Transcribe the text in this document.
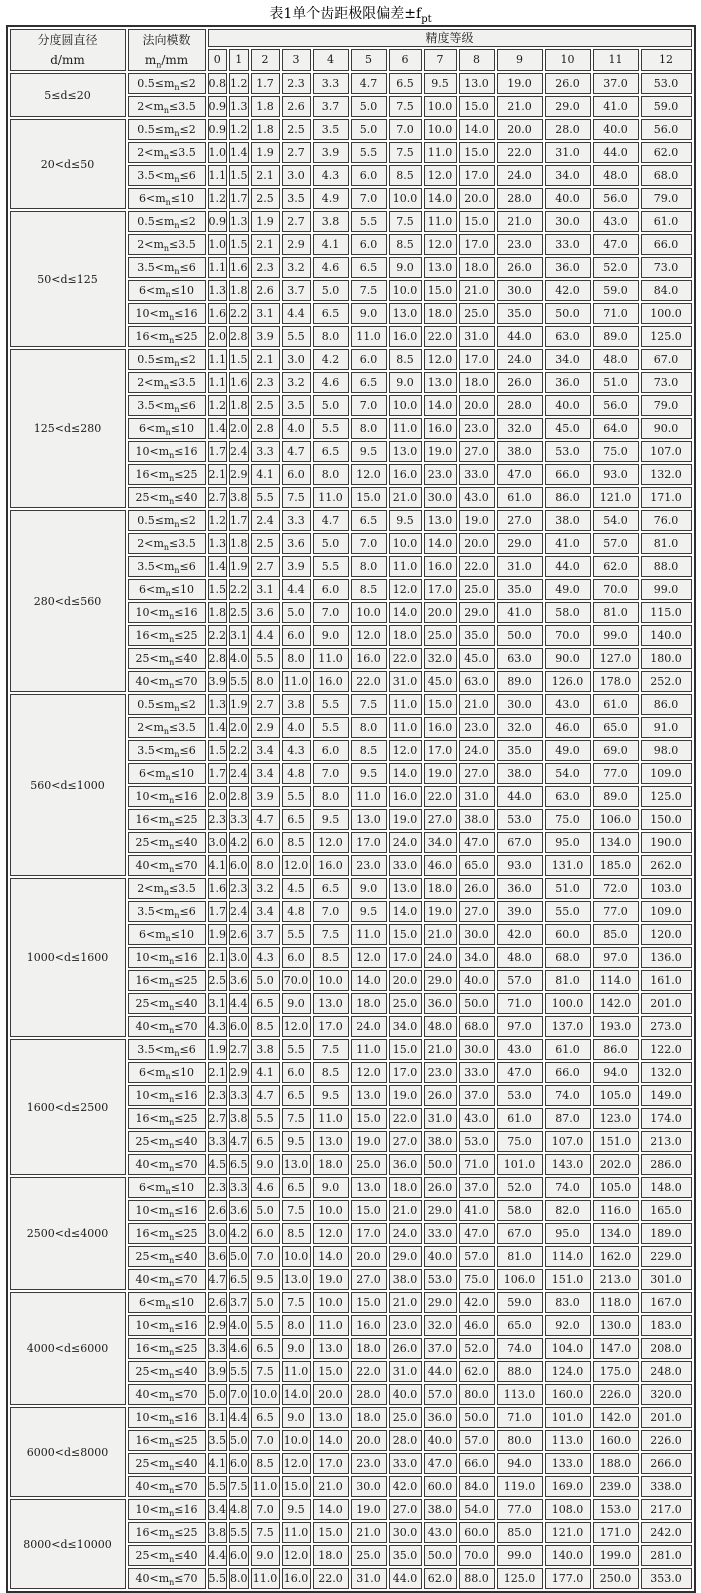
表1单个齿距极限偏差$\pm f_{pt}$
分度圆直径
d/mm

法向模数
$m_n/mm$
	精度等级
		0	1	2	3	4	5	6	7	8	9	10	11	12
5≤d≤20	$0.5\le m_n\le 2$	0.8	1.2	1.7	2.3	3.3	4.7	6.5	9.5	13.0	19.0	26.0	37.0	53.0
	$2<m_n\le 3.5$	0.9	1.3	1.8	2.6	3.7	5.0	7.5	10.0	15.0	21.0	29.0	41.0	59.0
20<d≤50	$0.5\le m_n\le 2$	0.9	1.2	1.8	2.5	3.5	5.0	7.0	10.0	14.0	20.0	28.0	40.0	56.0
	$2<m_n\le 3.5$	1.0	1.4	1.9	2.7	3.9	5.5	7.5	11.0	15.0	22.0	31.0	44.0	62.0
	$3.5<m_n\le 6$	1.1	1.5	2.1	3.0	4.3	6.0	8.5	12.0	17.0	24.0	34.0	48.0	68.0
	$6<m_n\le 10$	1.2	1.7	2.5	3.5	4.9	7.0	10.0	14.0	20.0	28.0	40.0	56.0	79.0
50<d≤125	$0.5\le m_n\le 2$	0.9	1.3	1.9	2.7	3.8	5.5	7.5	11.0	15.0	21.0	30.0	43.0	61.0
	$2<m_n\le 3.5$	1.0	1.5	2.1	2.9	4.1	6.0	8.5	12.0	17.0	23.0	33.0	47.0	66.0
	$3.5<m_n\le 6$	1.1	1.6	2.3	3.2	4.6	6.5	9.0	13.0	18.0	26.0	36.0	52.0	73.0
	$6<m_n\le 10$	1.3	1.8	2.6	3.7	5.0	7.5	10.0	15.0	21.0	30.0	42.0	59.0	84.0
	$10<m_n\le 16$	1.6	2.2	3.1	4.4	6.5	9.0	13.0	18.0	25.0	35.0	50.0	71.0	100.0
	$16<m_n\le 25$	2.0	2.8	3.9	5.5	8.0	11.0	16.0	22.0	31.0	44.0	63.0	89.0	125.0
125<d≤280	$0.5\le m_n\le 2$	1.1	1.5	2.1	3.0	4.2	6.0	8.5	12.0	17.0	24.0	34.0	48.0	67.0
	$2<m_n\le 3.5$	1.1	1.6	2.3	3.2	4.6	6.5	9.0	13.0	18.0	26.0	36.0	51.0	73.0
	$3.5<m_n\le 6$	1.2	1.8	2.5	3.5	5.0	7.0	10.0	14.0	20.0	28.0	40.0	56.0	79.0
	$6<m_n\le 10$	1.4	2.0	2.8	4.0	5.5	8.0	11.0	16.0	23.0	32.0	45.0	64.0	90.0
	$10<m_n\le 16$	1.7	2.4	3.3	4.7	6.5	9.5	13.0	19.0	27.0	38.0	53.0	75.0	107.0
	$16<m_n\le 25$	2.1	2.9	4.1	6.0	8.0	12.0	16.0	23.0	33.0	47.0	66.0	93.0	132.0
	$25<m_n\le 40$	2.7	3.8	5.5	7.5	11.0	15.0	21.0	30.0	43.0	61.0	86.0	121.0	171.0
280<d≤560	$0.5\le m_n\le 2$	1.2	1.7	2.4	3.3	4.7	6.5	9.5	13.0	19.0	27.0	38.0	54.0	76.0
	$2<m_n\le 3.5$	1.3	1.8	2.5	3.6	5.0	7.0	10.0	14.0	20.0	29.0	41.0	57.0	81.0
	$3.5<m_n\le 6$	1.4	1.9	2.7	3.9	5.5	8.0	11.0	16.0	22.0	31.0	44.0	62.0	88.0
	$6<m_n\le 10$	1.5	2.2	3.1	4.4	6.0	8.5	12.0	17.0	25.0	35.0	49.0	70.0	99.0
	$10<m_n\le 16$	1.8	2.5	3.6	5.0	7.0	10.0	14.0	20.0	29.0	41.0	58.0	81.0	115.0
	$16<m_n\le 25$	2.2	3.1	4.4	6.0	9.0	12.0	18.0	25.0	35.0	50.0	70.0	99.0	140.0
	$25<m_n\le 40$	2.8	4.0	5.5	8.0	11.0	16.0	22.0	32.0	45.0	63.0	90.0	127.0	180.0
	$40<m_n\le 70$	3.9	5.5	8.0	11.0	16.0	22.0	31.0	45.0	63.0	89.0	126.0	178.0	252.0
560<d≤1000	$0.5\le m_n\le 2$	1.3	1.9	2.7	3.8	5.5	7.5	11.0	15.0	21.0	30.0	43.0	61.0	86.0
	$2<m_n\le 3.5$	1.4	2.0	2.9	4.0	5.5	8.0	11.0	16.0	23.0	32.0	46.0	65.0	91.0
	$3.5<m_n\le 6$	1.5	2.2	3.4	4.3	6.0	8.5	12.0	17.0	24.0	35.0	49.0	69.0	98.0
	$6<m_n\le 10$	1.7	2.4	3.4	4.8	7.0	9.5	14.0	19.0	27.0	38.0	54.0	77.0	109.0
	$10<m_n\le 16$	2.0	2.8	3.9	5.5	8.0	11.0	16.0	22.0	31.0	44.0	63.0	89.0	125.0
	$16<m_n\le 25$	2.3	3.3	4.7	6.5	9.5	13.0	19.0	27.0	38.0	53.0	75.0	106.0	150.0
	$25<m_n\le 40$	3.0	4.2	6.0	8.5	12.0	17.0	24.0	34.0	47.0	67.0	95.0	134.0	190.0
	$40<m_n\le 70$	4.1	6.0	8.0	12.0	16.0	23.0	33.0	46.0	65.0	93.0	131.0	185.0	262.0
1000<d≤1600	$2<m_n\le 3.5$	1.6	2.3	3.2	4.5	6.5	9.0	13.0	18.0	26.0	36.0	51.0	72.0	103.0
	$3.5<m_n\le 6$	1.7	2.4	3.4	4.8	7.0	9.5	14.0	19.0	27.0	39.0	55.0	77.0	109.0
	$6<m_n\le 10$	1.9	2.6	3.7	5.5	7.5	11.0	15.0	21.0	30.0	42.0	60.0	85.0	120.0
	$10<m_n\le 16$	2.1	3.0	4.3	6.0	8.5	12.0	17.0	24.0	34.0	48.0	68.0	97.0	136.0
	$16<m_n\le 25$	2.5	3.6	5.0	70.0	10.0	14.0	20.0	29.0	40.0	57.0	81.0	114.0	161.0
	$25<m_n\le 40$	3.1	4.4	6.5	9.0	13.0	18.0	25.0	36.0	50.0	71.0	100.0	142.0	201.0
	$40<m_n\le 70$	4.3	6.0	8.5	12.0	17.0	24.0	34.0	48.0	68.0	97.0	137.0	193.0	273.0
1600<d≤2500	$3.5<m_n\le 6$	1.9	2.7	3.8	5.5	7.5	11.0	15.0	21.0	30.0	43.0	61.0	86.0	122.0
	$6<m_n\le 10$	2.1	2.9	4.1	6.0	8.5	12.0	17.0	23.0	33.0	47.0	66.0	94.0	132.0
	$10<m_n\le 16$	2.3	3.3	4.7	6.5	9.5	13.0	19.0	26.0	37.0	53.0	74.0	105.0	149.0
	$16<m_n\le 25$	2.7	3.8	5.5	7.5	11.0	15.0	22.0	31.0	43.0	61.0	87.0	123.0	174.0
	$25<m_n\le 40$	3.3	4.7	6.5	9.5	13.0	19.0	27.0	38.0	53.0	75.0	107.0	151.0	213.0
	$40<m_n\le 70$	4.5	6.5	9.0	13.0	18.0	25.0	36.0	50.0	71.0	101.0	143.0	202.0	286.0
2500<d≤4000	$6<m_n\le 10$	2.3	3.3	4.6	6.5	9.0	13.0	18.0	26.0	37.0	52.0	74.0	105.0	148.0
	$10<m_n\le 16$	2.6	3.6	5.0	7.5	10.0	15.0	21.0	29.0	41.0	58.0	82.0	116.0	165.0
	$16<m_n\le 25$	3.0	4.2	6.0	8.5	12.0	17.0	24.0	33.0	47.0	67.0	95.0	134.0	189.0
	$25<m_n\le 40$	3.6	5.0	7.0	10.0	14.0	20.0	29.0	40.0	57.0	81.0	114.0	162.0	229.0
	$40<m_n\le 70$	4.7	6.5	9.5	13.0	19.0	27.0	38.0	53.0	75.0	106.0	151.0	213.0	301.0
4000<d≤6000	$6<m_n\le 10$	2.6	3.7	5.0	7.5	10.0	15.0	21.0	29.0	42.0	59.0	83.0	118.0	167.0
	$10<m_n\le 16$	2.9	4.0	5.5	8.0	11.0	16.0	23.0	32.0	46.0	65.0	92.0	130.0	183.0
	$16<m_n\le 25$	3.3	4.6	6.5	9.0	13.0	18.0	26.0	37.0	52.0	74.0	104.0	147.0	208.0
	$25<m_n\le 40$	3.9	5.5	7.5	11.0	15.0	22.0	31.0	44.0	62.0	88.0	124.0	175.0	248.0
	$40<m_n\le 70$	5.0	7.0	10.0	14.0	20.0	28.0	40.0	57.0	80.0	113.0	160.0	226.0	320.0
6000<d≤8000	$10<m_n\le 16$	3.1	4.4	6.5	9.0	13.0	18.0	25.0	36.0	50.0	71.0	101.0	142.0	201.0
	$16<m_n\le 25$	3.5	5.0	7.0	10.0	14.0	20.0	28.0	40.0	57.0	80.0	113.0	160.0	226.0
	$25<m_n\le 40$	4.1	6.0	8.5	12.0	17.0	23.0	33.0	47.0	66.0	94.0	133.0	188.0	266.0
	$40<m_n\le 70$	5.5	7.5	11.0	15.0	21.0	30.0	42.0	60.0	84.0	119.0	169.0	239.0	338.0
8000<d≤10000	$10<m_n\le 16$	3.4	4.8	7.0	9.5	14.0	19.0	27.0	38.0	54.0	77.0	108.0	153.0	217.0
	$16<m_n\le 25$	3.8	5.5	7.5	11.0	15.0	21.0	30.0	43.0	60.0	85.0	121.0	171.0	242.0
	$25<m_n\le 40$	4.4	6.0	9.0	12.0	18.0	25.0	35.0	50.0	70.0	99.0	140.0	199.0	281.0
	$40<m_n\le 70$	5.5	8.0	11.0	16.0	22.0	31.0	44.0	62.0	88.0	125.0	177.0	250.0	353.0
